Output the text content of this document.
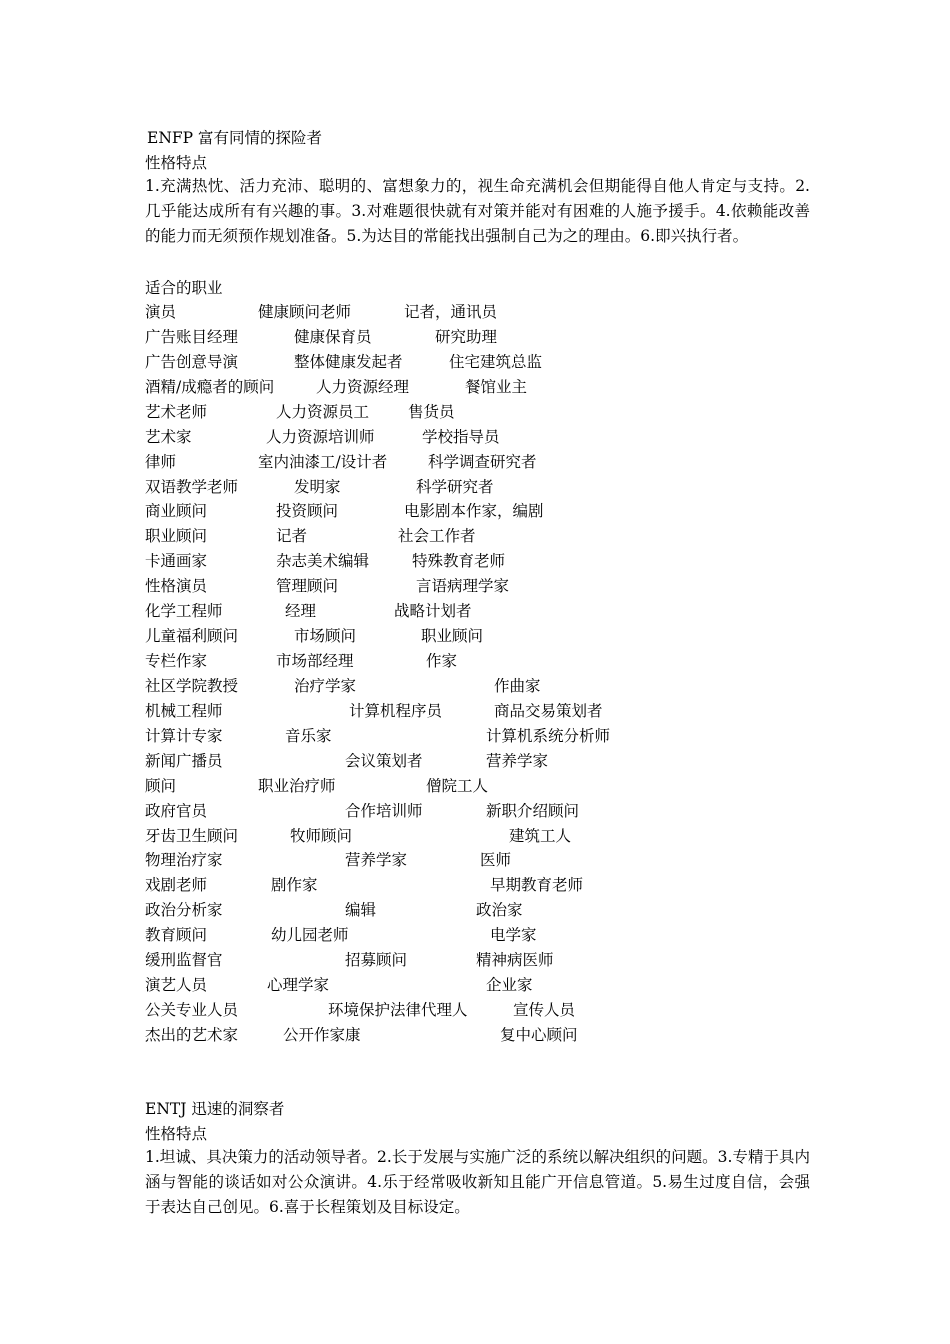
ENFP 富有同情的探险者
性格特点
1.充满热忱、活力充沛、聪明的、富想象力的，视生命充满机会但期能得自他人肯定与支持。2.几乎能达成所有有兴趣的事。3.对难题很快就有对策并能对有困难的人施予援手。4.依赖能改善的能力而无须预作规划准备。5.为达目的常能找出强制自己为之的理由。6.即兴执行者。
适合的职业
演员	健康顾问老师	记者，通讯员
广告账目经理	健康保育员	研究助理
广告创意导演	整体健康发起者	住宅建筑总监
酒精/成瘾者的顾问	人力资源经理	餐馆业主
艺术老师	人力资源员工	售货员
艺术家	人力资源培训师	学校指导员
律师	室内油漆工/设计者	科学调查研究者
双语教学老师	发明家	科学研究者
商业顾问	投资顾问	电影剧本作家，编剧
职业顾问	记者	社会工作者
卡通画家	杂志美术编辑	特殊教育老师
性格演员	管理顾问	言语病理学家
化学工程师	经理	战略计划者
儿童福利顾问	市场顾问	职业顾问
专栏作家	市场部经理	作家
社区学院教授	治疗学家	作曲家
机械工程师	计算机程序员	商品交易策划者
计算计专家	音乐家	计算机系统分析师
新闻广播员	会议策划者	营养学家
顾问	职业治疗师	僧院工人
政府官员	合作培训师	新职介绍顾问
牙齿卫生顾问	牧师顾问	建筑工人
物理治疗家	营养学家	医师
戏剧老师	剧作家	早期教育老师
政治分析家	编辑	政治家
教育顾问	幼儿园老师	电学家
缓刑监督官	招募顾问	精神病医师
演艺人员	心理学家	企业家
公关专业人员	环境保护法律代理人	宣传人员
杰出的艺术家	公开作家康	复中心顾问
ENTJ 迅速的洞察者
性格特点
1.坦诚、具决策力的活动领导者。2.长于发展与实施广泛的系统以解决组织的问题。3.专精于具内涵与智能的谈话如对公众演讲。4.乐于经常吸收新知且能广开信息管道。5.易生过度自信，会强于表达自己创见。6.喜于长程策划及目标设定。
